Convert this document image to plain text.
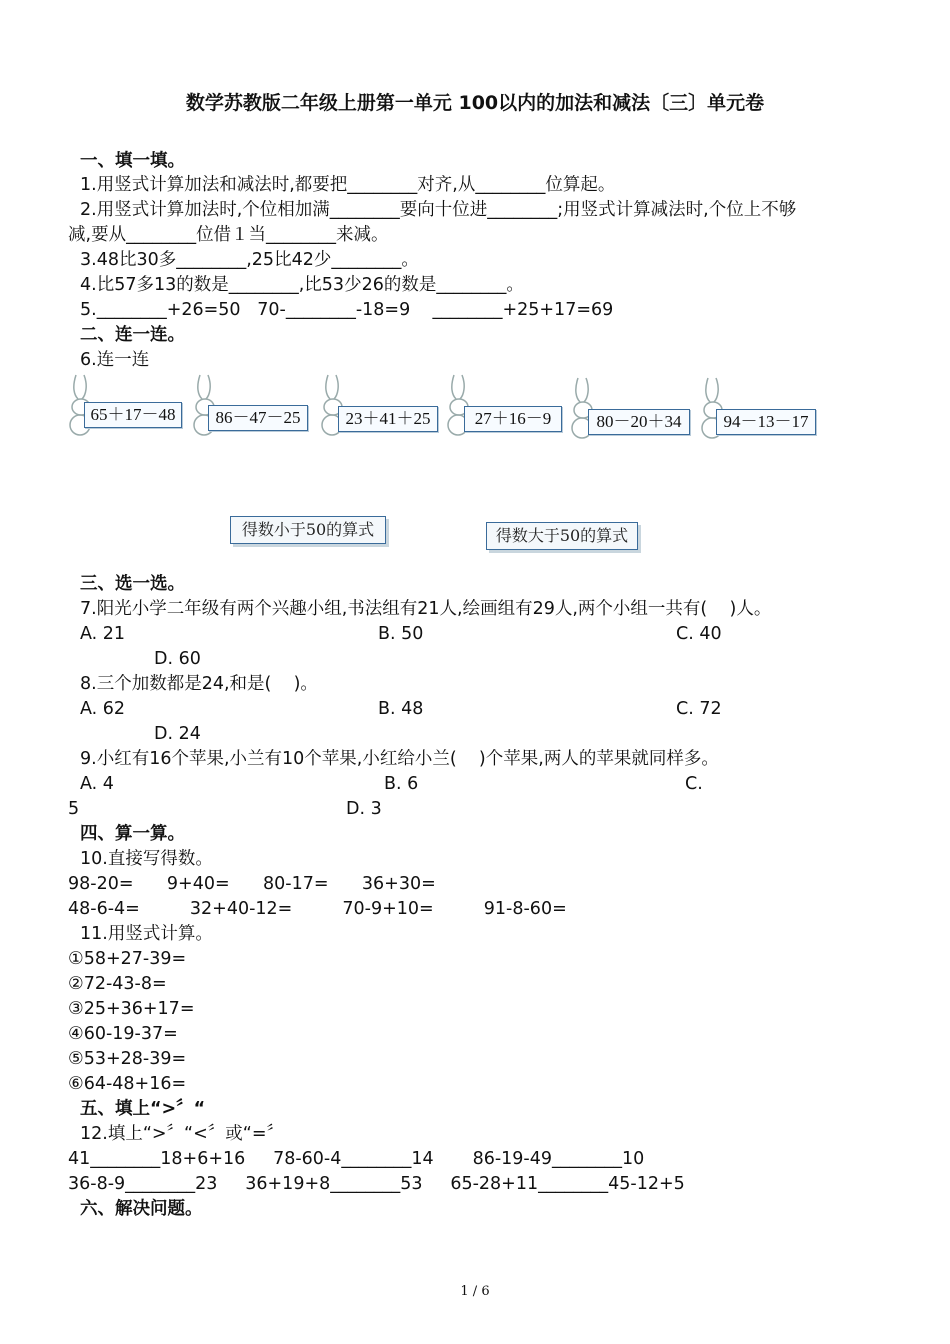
数学苏教版二年级上册第一单元 100以内的加法和减法〔三〕单元卷
一、填一填。
1.用竖式计算加法和减法时,都要把________对齐,从________位算起。
2.用竖式计算加法时,个位相加满________要向十位进________;用竖式计算减法时,个位上不够
减,要从________位借１当________来减。
3.48比30多________,25比42少________。
4.比57多13的数是________,比53少26的数是________。
5.________+26=50   70-________-18=9    ________+25+17=69
二、连一连。
6.连一连
65＋17－48	86－47－25	23＋41＋25	27＋16－9	80－20＋34	94－13－17
得数小于50的算式	得数大于50的算式
三、选一选。
7.阳光小学二年级有两个兴趣小组,书法组有21人,绘画组有29人,两个小组一共有(    )人。
A. 21	B. 50	C. 40
D. 60
8.三个加数都是24,和是(    )。
A. 62	B. 48	C. 72
D. 24
9.小红有16个苹果,小兰有10个苹果,小红给小兰(    )个苹果,两人的苹果就同样多。
A. 4	B. 6	C.
5	D. 3
四、算一算。
10.直接写得数。
98-20=      9+40=      80-17=      36+30=
48-6-4=         32+40-12=         70-9+10=         91-8-60=
11.用竖式计算。
①58+27-39=
②72-43-8=
③25+36+17=
④60-19-37=
⑤53+28-39=
⑥64-48+16=
五、填上“>〞“
12.填上“>〞“<〞或“=〞
41________18+6+16     78-60-4________14       86-19-49________10
36-8-9________23     36+19+8________53     65-28+11________45-12+5
六、解决问题。
1 / 6
